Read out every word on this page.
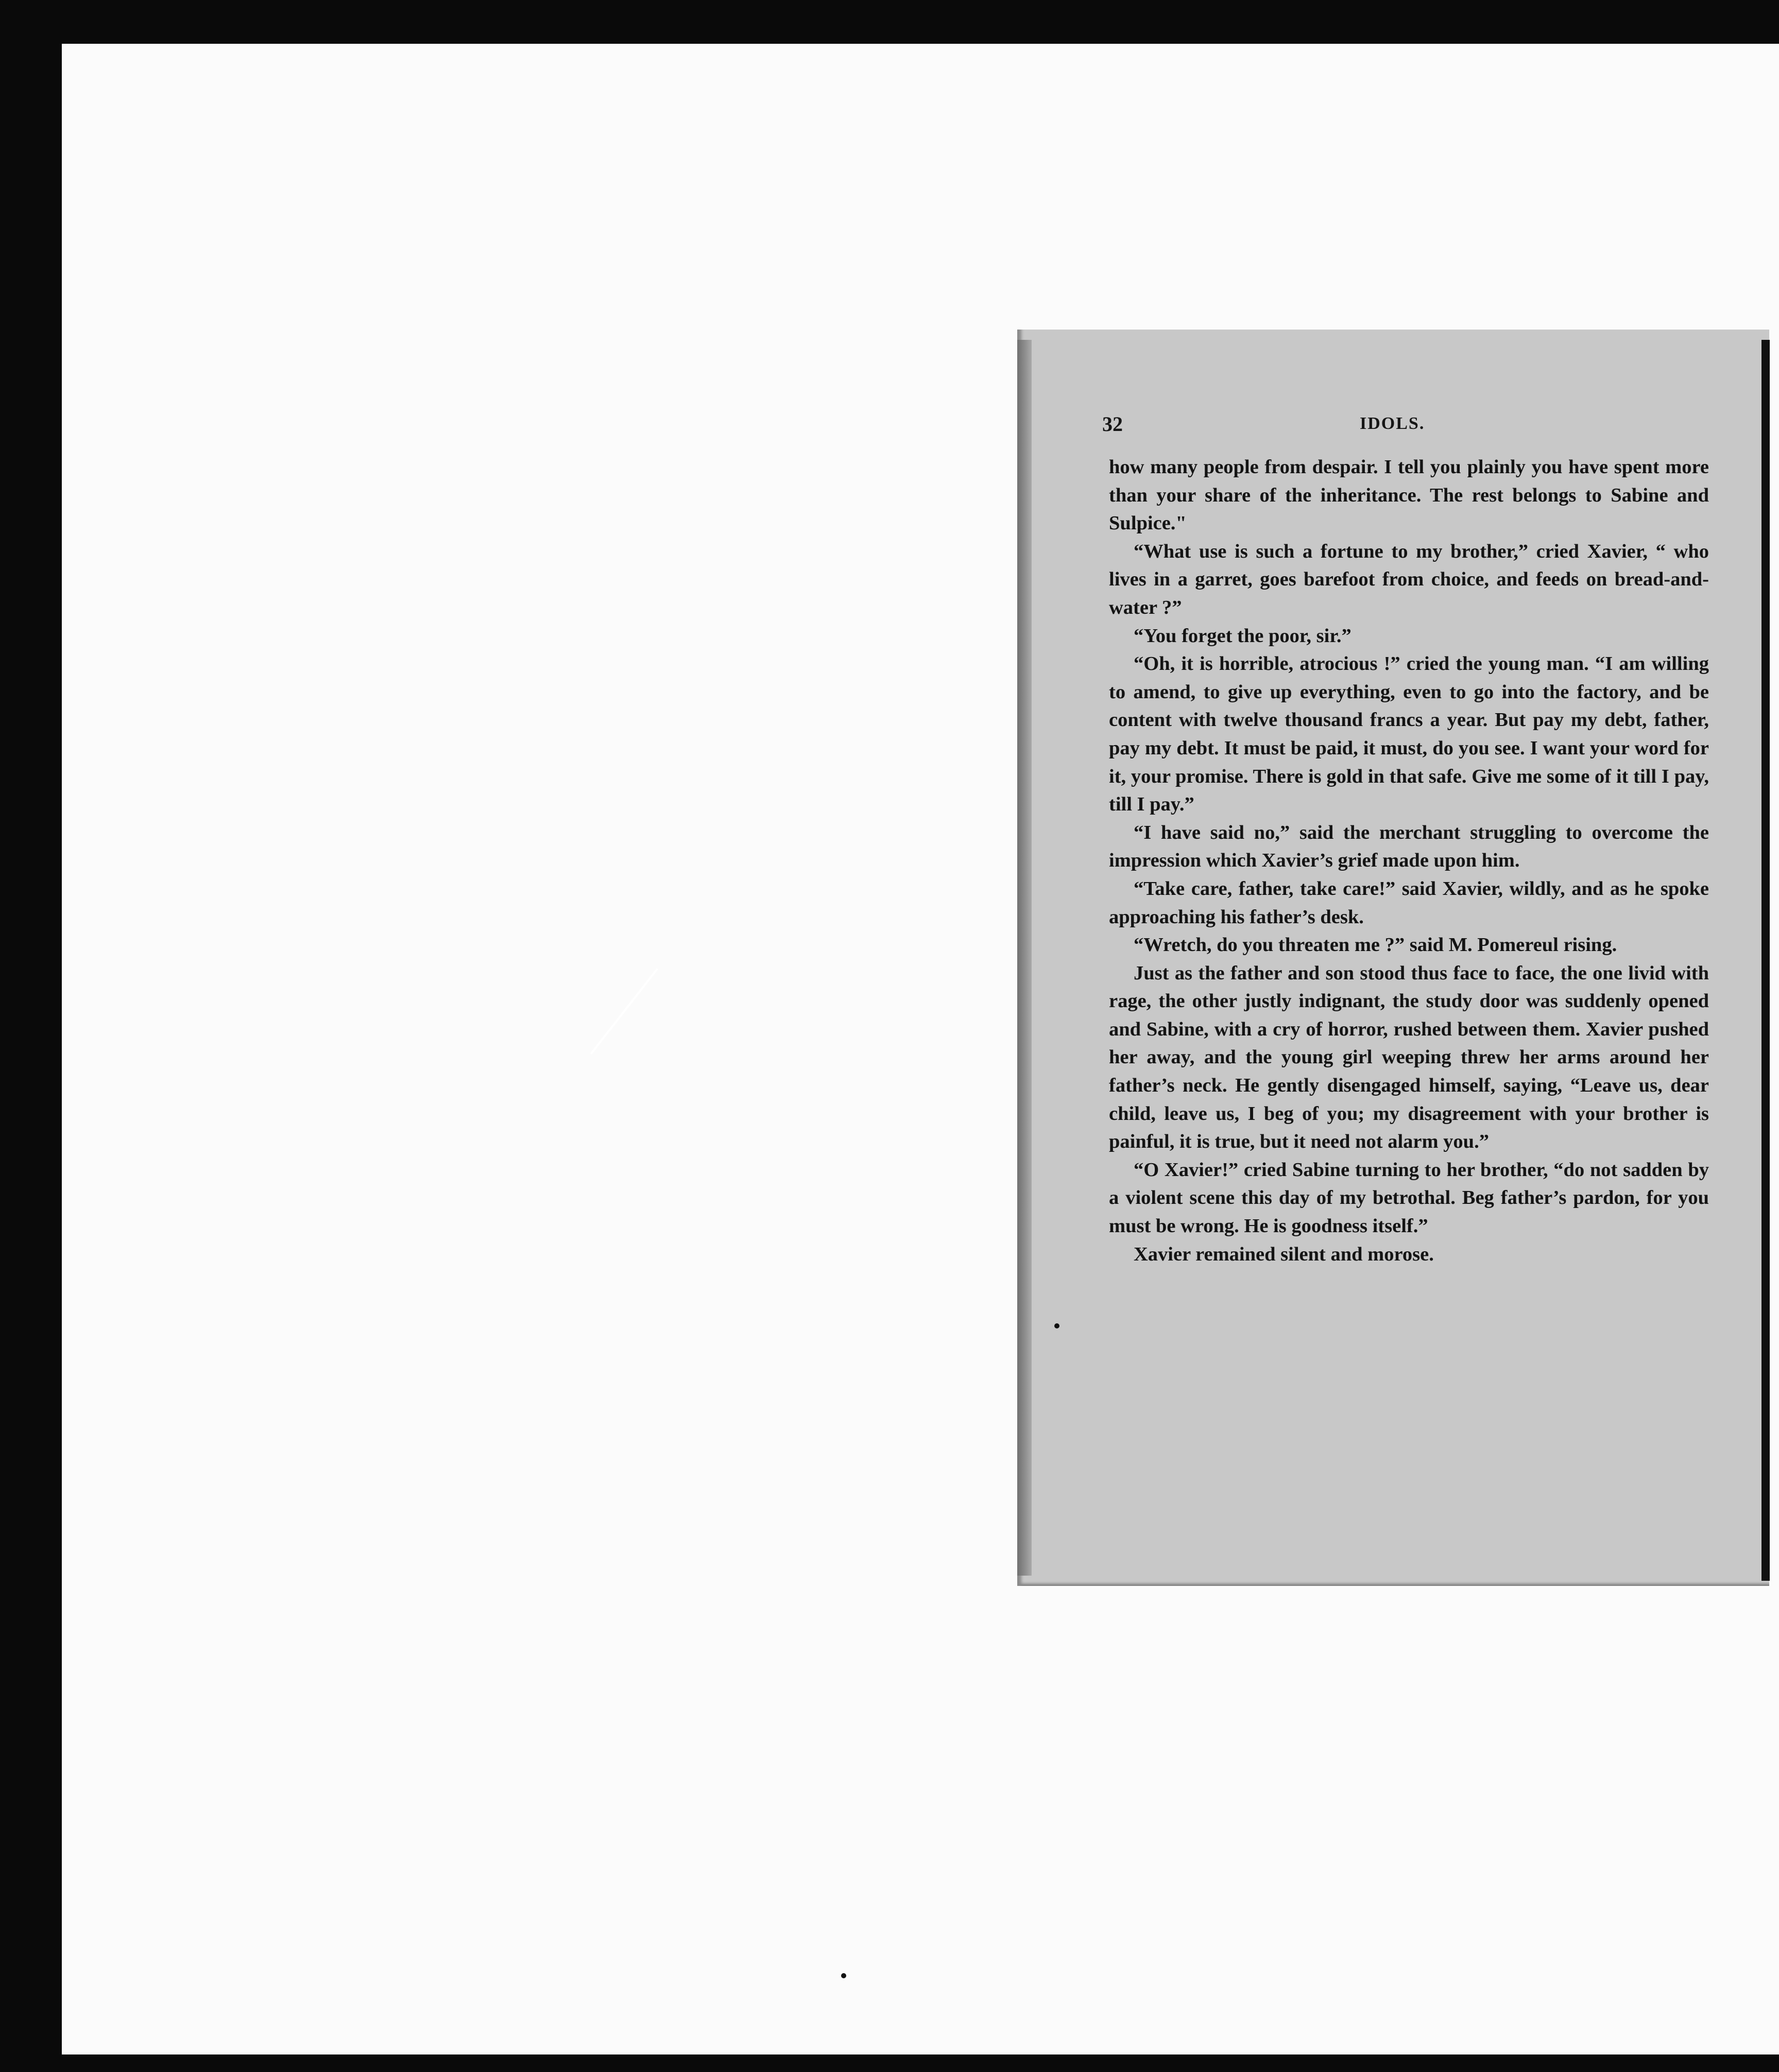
32	IDOLS.

how many people from despair. I tell you plainly you have spent more than your share of the inheritance. The rest belongs to Sabine and Sulpice."

“What use is such a fortune to my brother,” cried Xavier, “ who lives in a garret, goes barefoot from choice, and feeds on bread-and-water ?”

“You forget the poor, sir.”

“Oh, it is horrible, atrocious !” cried the young man. “I am willing to amend, to give up everything, even to go into the factory, and be content with twelve thousand francs a year. But pay my debt, father, pay my debt. It must be paid, it must, do you see. I want your word for it, your promise. There is gold in that safe. Give me some of it till I pay, till I pay.”

“I have said no,” said the merchant struggling to overcome the impression which Xavier’s grief made upon him.

“Take care, father, take care!” said Xavier, wildly, and as he spoke approaching his father’s desk.

“Wretch, do you threaten me ?” said M. Pomereul rising.

Just as the father and son stood thus face to face, the one livid with rage, the other justly indignant, the study door was suddenly opened and Sabine, with a cry of horror, rushed between them. Xavier pushed her away, and the young girl weeping threw her arms around her father’s neck. He gently disengaged himself, saying, “Leave us, dear child, leave us, I beg of you; my disagreement with your brother is painful, it is true, but it need not alarm you.”

“O Xavier!” cried Sabine turning to her brother, “do not sadden by a violent scene this day of my betrothal. Beg father’s pardon, for you must be wrong. He is goodness itself.”

Xavier remained silent and morose.
